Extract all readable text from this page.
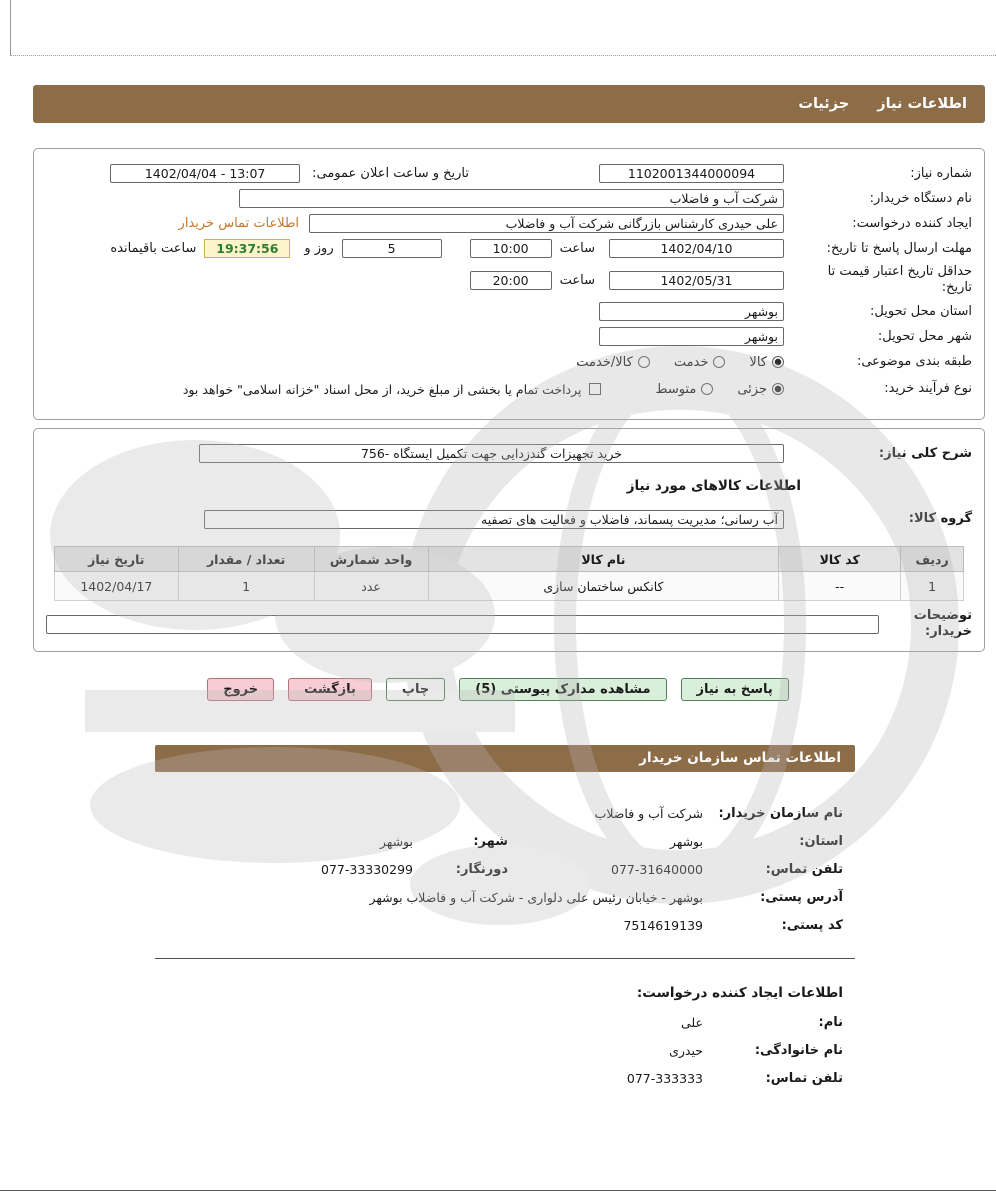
اطلاعات نیاز
جزئیات
شماره نیاز:
1102001344000094
تاریخ و ساعت اعلان عمومی:
1402/04/04 - 13:07
نام دستگاه خریدار:
شرکت آب و فاضلاب
ایجاد کننده درخواست:
علی حیدری کارشناس بازرگانی شرکت آب و فاضلاب
اطلاعات تماس خریدار
مهلت ارسال پاسخ تا تاریخ:
1402/04/10
ساعت
10:00
5
روز و
19:37:56
ساعت باقیمانده
حداقل تاریخ اعتبار قیمت تا تاریخ:
1402/05/31
ساعت
20:00
استان محل تحویل:
بوشهر
شهر محل تحویل:
بوشهر
طبقه بندی موضوعی:
کالا
خدمت
کالا/خدمت
نوع فرآیند خرید:
جزئی
متوسط
پرداخت تمام یا بخشی از مبلغ خرید، از محل اسناد "خزانه اسلامی" خواهد بود
شرح کلی نیاز:
خرید تجهیزات گندزدایی جهت تکمیل ایستگاه -756
اطلاعات کالاهای مورد نیاز
گروه کالا:
آب رسانی؛ مدیریت پسماند، فاضلاب و فعالیت های تصفیه
ردیف	کد کالا	نام کالا	واحد شمارش	تعداد / مقدار	تاریخ نیاز
1	--	کانکس ساختمان سازی	عدد	1	1402/04/17
توضیحات خریدار:
پاسخ به نیاز
مشاهده مدارک پیوستی (5)
چاپ
بازگشت
خروج
اطلاعات تماس سازمان خریدار
نام سازمان خریدار:
شرکت آب و فاضلاب
استان:
بوشهر
شهر:
بوشهر
تلفن تماس:
077-31640000
دورنگار:
077-33330299
آدرس پستی:
بوشهر - خیابان رئیس علی دلواری - شرکت آب و فاضلاب بوشهر
کد پستی:
7514619139
اطلاعات ایجاد کننده درخواست:
نام:
علی
نام خانوادگی:
حیدری
تلفن تماس:
077-333333
